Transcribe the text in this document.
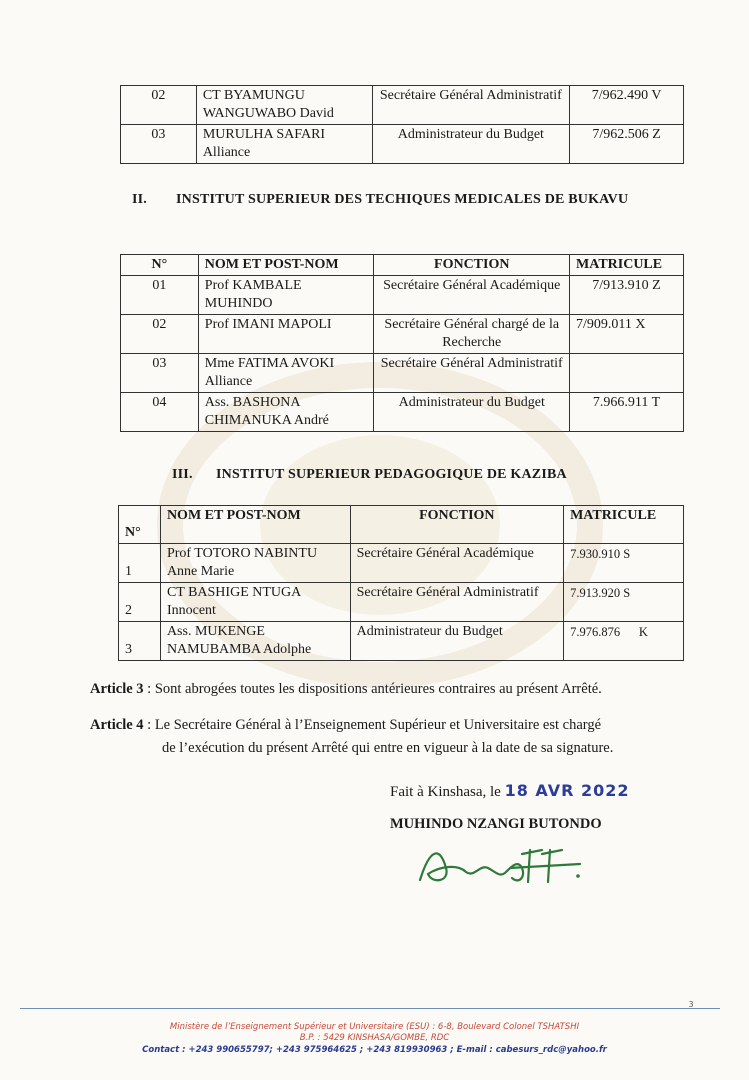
02	CT BYAMUNGU WANGUWABO David	Secrétaire Général Administratif	7/962.490 V
03	MURULHA SAFARI Alliance	Administrateur du Budget	7/962.506 Z
II. INSTITUT SUPERIEUR DES TECHIQUES MEDICALES DE BUKAVU
N°	NOM ET POST-NOM	FONCTION	MATRICULE
01	Prof KAMBALE MUHINDO	Secrétaire Général Académique	7/913.910 Z
02	Prof IMANI MAPOLI	Secrétaire Général chargé de la Recherche	7/909.011 X
03	Mme FATIMA AVOKI Alliance	Secrétaire Général Administratif	
04	Ass. BASHONA CHIMANUKA André	Administrateur du Budget	7.966.911 T
III. INSTITUT SUPERIEUR PEDAGOGIQUE DE KAZIBA
N°	NOM ET POST-NOM	FONCTION	MATRICULE
1	Prof TOTORO NABINTU Anne Marie	Secrétaire Général Académique	7.930.910 S
2	CT BASHIGE NTUGA Innocent	Secrétaire Général Administratif	7.913.920 S
3	Ass. MUKENGE NAMUBAMBA Adolphe	Administrateur du Budget	7.976.876      K
Article 3 : Sont abrogées toutes les dispositions antérieures contraires au présent Arrêté.
Article 4 : Le Secrétaire Général à l’Enseignement Supérieur et Universitaire est chargé
de l’exécution du présent Arrêté qui entre en vigueur à la date de sa signature.
Fait à Kinshasa, le 18 AVR 2022
MUHINDO NZANGI BUTONDO
3
Ministère de l’Enseignement Supérieur et Universitaire (ESU) : 6-8, Boulevard Colonel TSHATSHI
B.P. : 5429 KINSHASA/GOMBE, RDC
Contact : +243 990655797; +243 975964625 ; +243 819930963 ; E-mail : cabesurs_rdc@yahoo.fr
